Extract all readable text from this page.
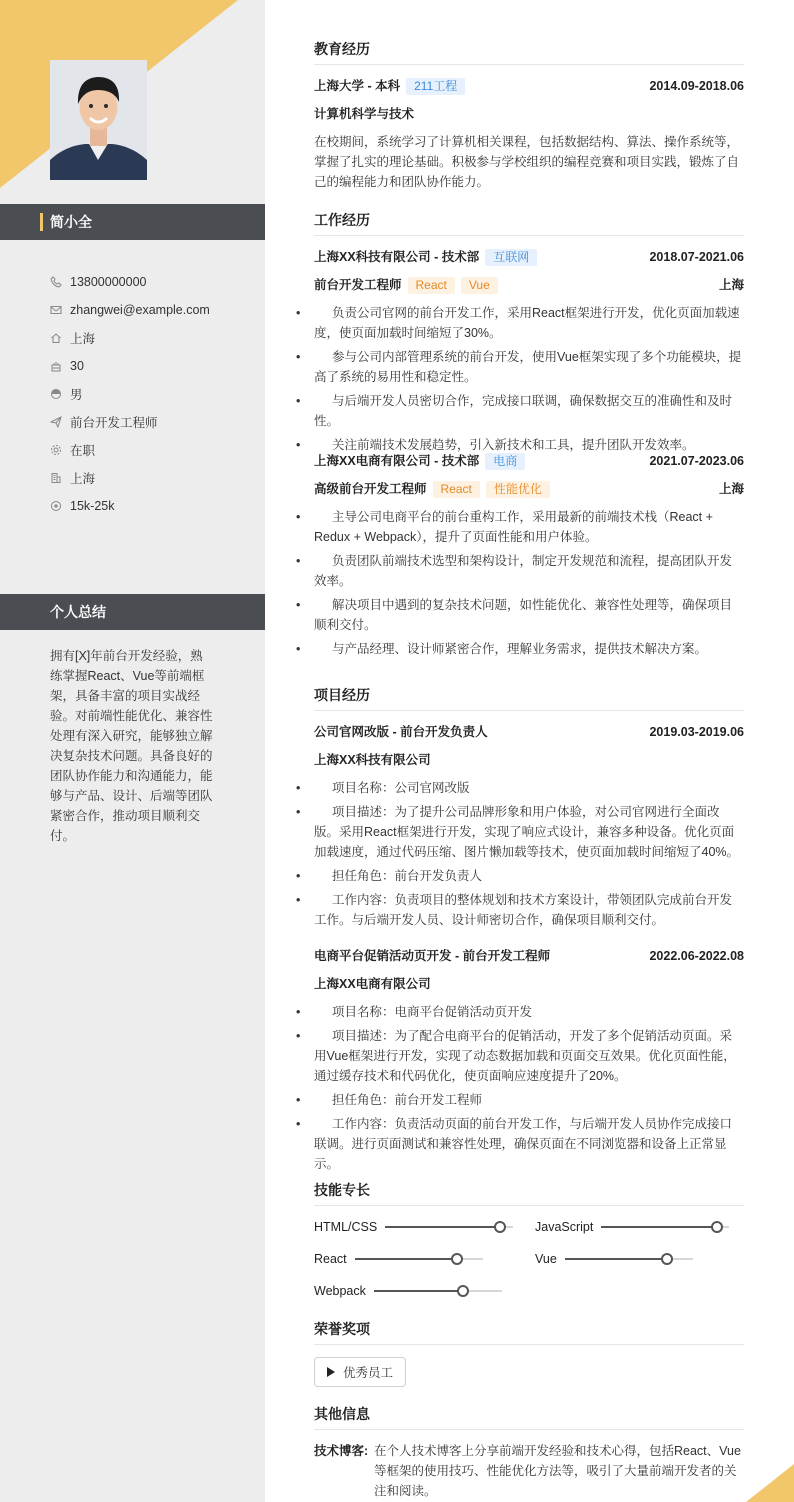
简小全
13800000000
zhangwei@example.com
上海
30
男
前台开发工程师
在职
上海
15k-25k
个人总结
拥有[X]年前台开发经验，熟练掌握React、Vue等前端框架，具备丰富的项目实战经验。对前端性能优化、兼容性处理有深入研究，能够独立解决复杂技术问题。具备良好的团队协作能力和沟通能力，能够与产品、设计、后端等团队紧密合作，推动项目顺利交付。
教育经历
上海大学 - 本科 211工程	2014.09-2018.06
计算机科学与技术
在校期间，系统学习了计算机相关课程，包括数据结构、算法、操作系统等，掌握了扎实的理论基础。积极参与学校组织的编程竞赛和项目实践，锻炼了自己的编程能力和团队协作能力。
工作经历
上海XX科技有限公司 - 技术部 互联网	2018.07-2021.06
前台开发工程师 React Vue	上海
• 负责公司官网的前台开发工作，采用React框架进行开发，优化页面加载速度，使页面加载时间缩短了30%。
• 参与公司内部管理系统的前台开发，使用Vue框架实现了多个功能模块，提高了系统的易用性和稳定性。
• 与后端开发人员密切合作，完成接口联调，确保数据交互的准确性和及时性。
• 关注前端技术发展趋势，引入新技术和工具，提升团队开发效率。
上海XX电商有限公司 - 技术部 电商	2021.07-2023.06
高级前台开发工程师 React 性能优化	上海
• 主导公司电商平台的前台重构工作，采用最新的前端技术栈（React + Redux + Webpack），提升了页面性能和用户体验。
• 负责团队前端技术选型和架构设计，制定开发规范和流程，提高团队开发效率。
• 解决项目中遇到的复杂技术问题，如性能优化、兼容性处理等，确保项目顺利交付。
• 与产品经理、设计师紧密合作，理解业务需求，提供技术解决方案。
项目经历
公司官网改版 - 前台开发负责人	2019.03-2019.06
上海XX科技有限公司
• 项目名称：公司官网改版
• 项目描述：为了提升公司品牌形象和用户体验，对公司官网进行全面改版。采用React框架进行开发，实现了响应式设计，兼容多种设备。优化页面加载速度，通过代码压缩、图片懒加载等技术，使页面加载时间缩短了40%。
• 担任角色：前台开发负责人
• 工作内容：负责项目的整体规划和技术方案设计，带领团队完成前台开发工作。与后端开发人员、设计师密切合作，确保项目顺利交付。
电商平台促销活动页开发 - 前台开发工程师	2022.06-2022.08
上海XX电商有限公司
• 项目名称：电商平台促销活动页开发
• 项目描述：为了配合电商平台的促销活动，开发了多个促销活动页面。采用Vue框架进行开发，实现了动态数据加载和页面交互效果。优化页面性能，通过缓存技术和代码优化，使页面响应速度提升了20%。
• 担任角色：前台开发工程师
• 工作内容：负责活动页面的前台开发工作，与后端开发人员协作完成接口联调。进行页面测试和兼容性处理，确保页面在不同浏览器和设备上正常显示。
技能专长
HTML/CSS	JavaScript
React	Vue
Webpack
荣誉奖项
优秀员工
其他信息
技术博客: 在个人技术博客上分享前端开发经验和技术心得，包括React、Vue等框架的使用技巧、性能优化方法等，吸引了大量前端开发者的关注和阅读。
